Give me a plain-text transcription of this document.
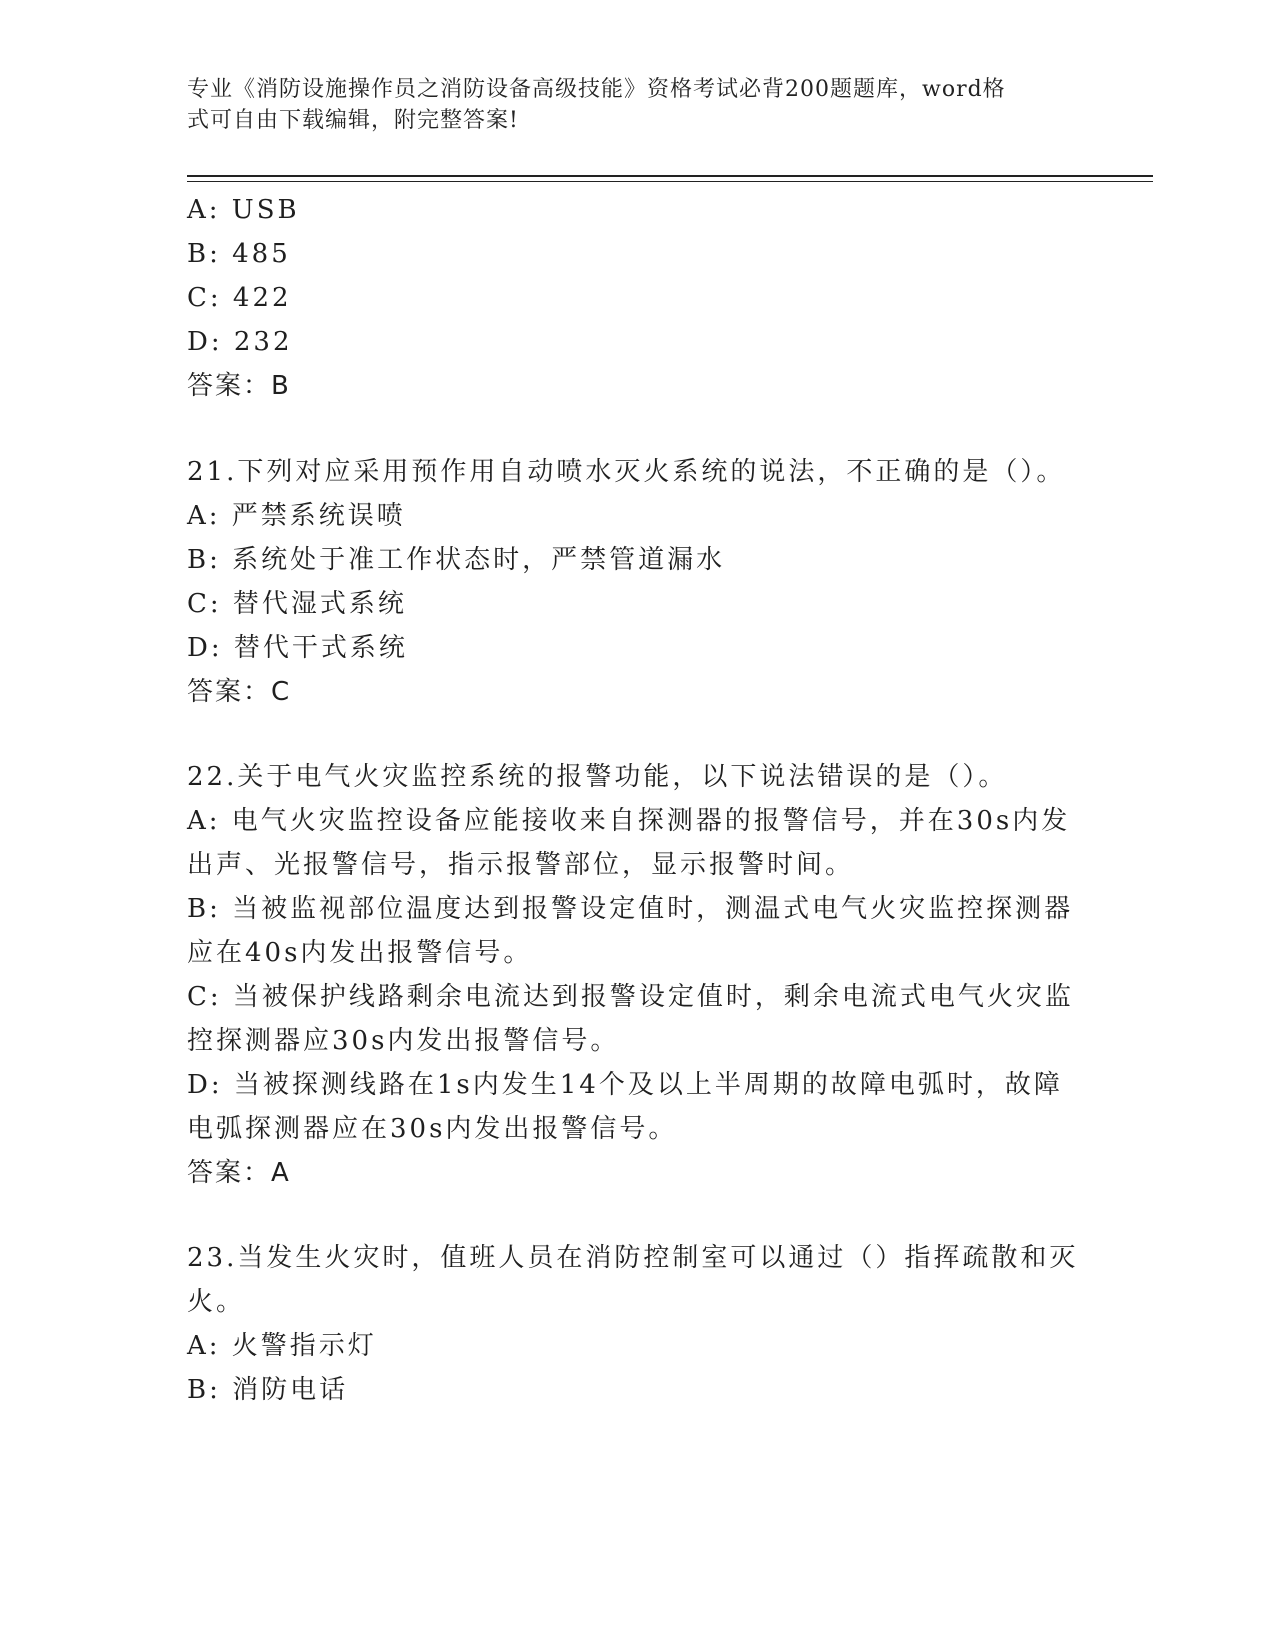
专业《消防设施操作员之消防设备高级技能》资格考试必背200题题库，word格
式可自由下载编辑，附完整答案!
A: USB
B: 485
C: 422
D: 232
答案：B
21.下列对应采用预作用自动喷水灭火系统的说法，不正确的是（）。
A: 严禁系统误喷
B: 系统处于准工作状态时，严禁管道漏水
C: 替代湿式系统
D: 替代干式系统
答案：C
22.关于电气火灾监控系统的报警功能，以下说法错误的是（）。
A: 电气火灾监控设备应能接收来自探测器的报警信号，并在30s内发
出声、光报警信号，指示报警部位，显示报警时间。
B: 当被监视部位温度达到报警设定值时，测温式电气火灾监控探测器
应在40s内发出报警信号。
C: 当被保护线路剩余电流达到报警设定值时，剩余电流式电气火灾监
控探测器应30s内发出报警信号。
D: 当被探测线路在1s内发生14个及以上半周期的故障电弧时，故障
电弧探测器应在30s内发出报警信号。
答案：A
23.当发生火灾时，值班人员在消防控制室可以通过（）指挥疏散和灭
火。
A: 火警指示灯
B: 消防电话
